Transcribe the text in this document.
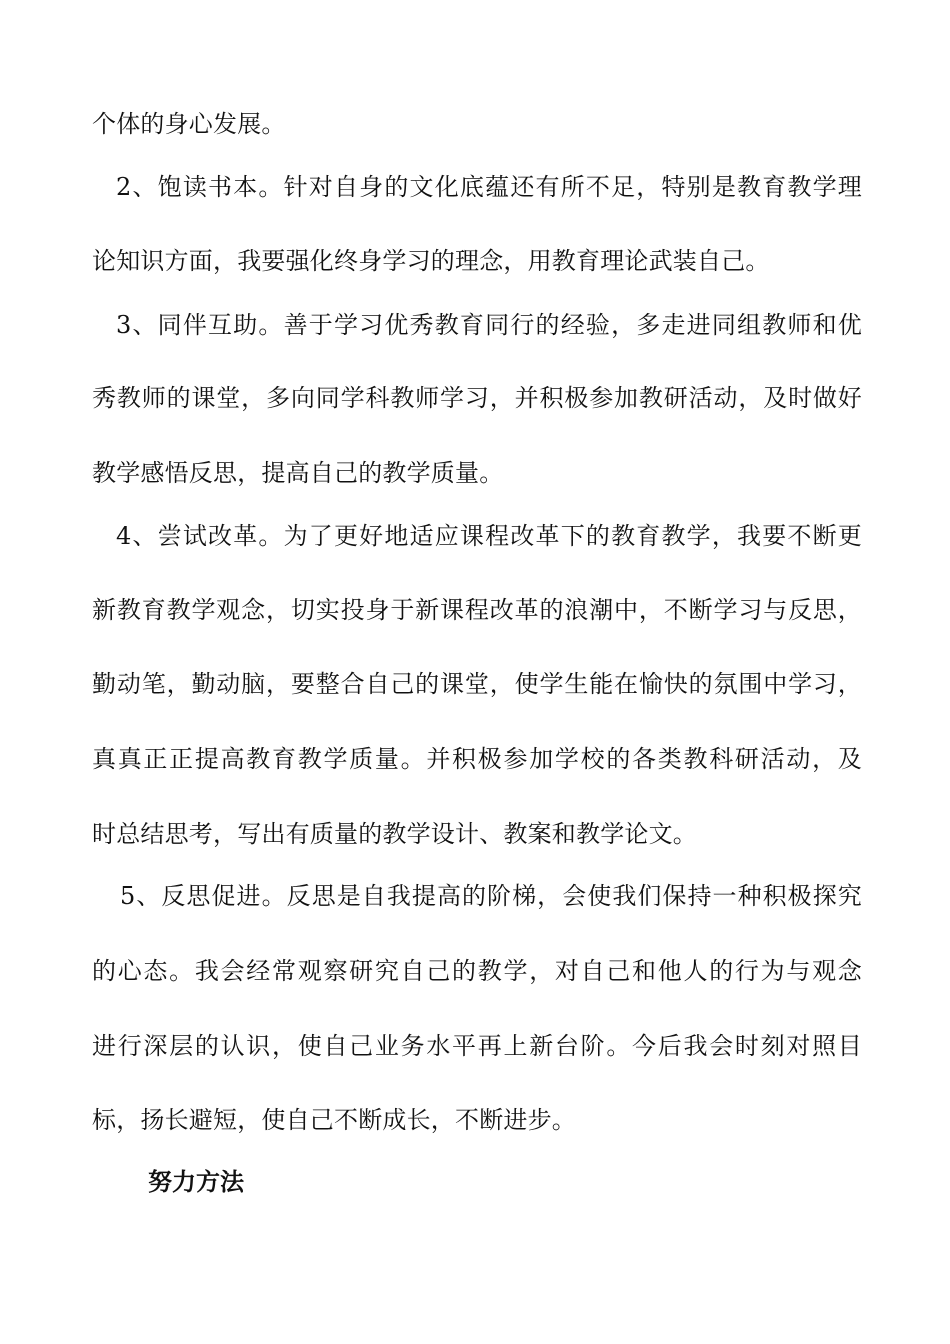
个体的身心发展。
2、饱读书本。针对自身的文化底蕴还有所不足，特别是教育教学理
论知识方面，我要强化终身学习的理念，用教育理论武装自己。
3、同伴互助。善于学习优秀教育同行的经验，多走进同组教师和优
秀教师的课堂，多向同学科教师学习，并积极参加教研活动，及时做好
教学感悟反思，提高自己的教学质量。
4、尝试改革。为了更好地适应课程改革下的教育教学，我要不断更
新教育教学观念，切实投身于新课程改革的浪潮中，不断学习与反思，
勤动笔，勤动脑，要整合自己的课堂，使学生能在愉快的氛围中学习，
真真正正提高教育教学质量。并积极参加学校的各类教科研活动，及
时总结思考，写出有质量的教学设计、教案和教学论文。
5、反思促进。反思是自我提高的阶梯，会使我们保持一种积极探究
的心态。我会经常观察研究自己的教学，对自己和他人的行为与观念
进行深层的认识，使自己业务水平再上新台阶。今后我会时刻对照目
标，扬长避短，使自己不断成长，不断进步。
努力方法
